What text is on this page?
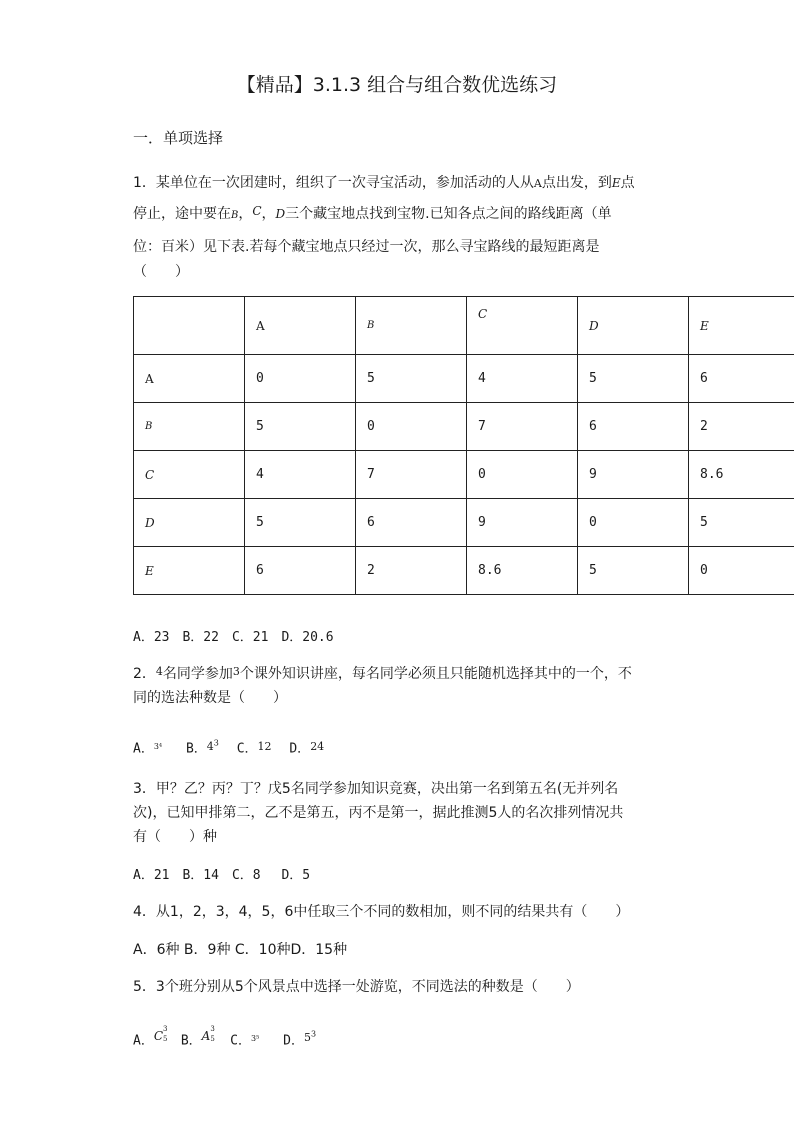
【精品】3.1.3 组合与组合数优选练习
一．单项选择
1．某单位在一次团建时，组织了一次寻宝活动，参加活动的人从A点出发，到E点
停止，途中要在B，C，D三个藏宝地点找到宝物.已知各点之间的路线距离（单
位：百米）见下表.若每个藏宝地点只经过一次，那么寻宝路线的最短距离是
（　　）
	A	B	C	D	E
A	0	5	4	5	6
B	5	0	7	6	2
C	4	7	0	9	8.6
D	5	6	9	0	5
E	6	2	8.6	5	0
A．23　B．22　C．21　D．20.6
2．$^4$名同学参加$^3$个课外知识讲座，每名同学必须且只能随机选择其中的一个，不
同的选法种数是（　　）
A．$^{3^4}$ B．$^{4^3}$ C．$^{12}$ D．$^{24}$
3．甲？乙？丙？丁？戊5名同学参加知识竞赛，决出第一名到第五名(无并列名
次)，已知甲排第二，乙不是第五，丙不是第一，据此推测5人的名次排列情况共
有（　　）种
A．21　B．14　C．8　 D．5
4．从1，2，3，4，5，6中任取三个不同的数相加，则不同的结果共有（　　）
A．6种 B．9种 C．10种D．15种
5．3个班分别从5个风景点中选择一处游览，不同选法的种数是（　　）
A．C 3
5 B．A 3
5 C．$^{3^5}$ D．$^{5^3}$
